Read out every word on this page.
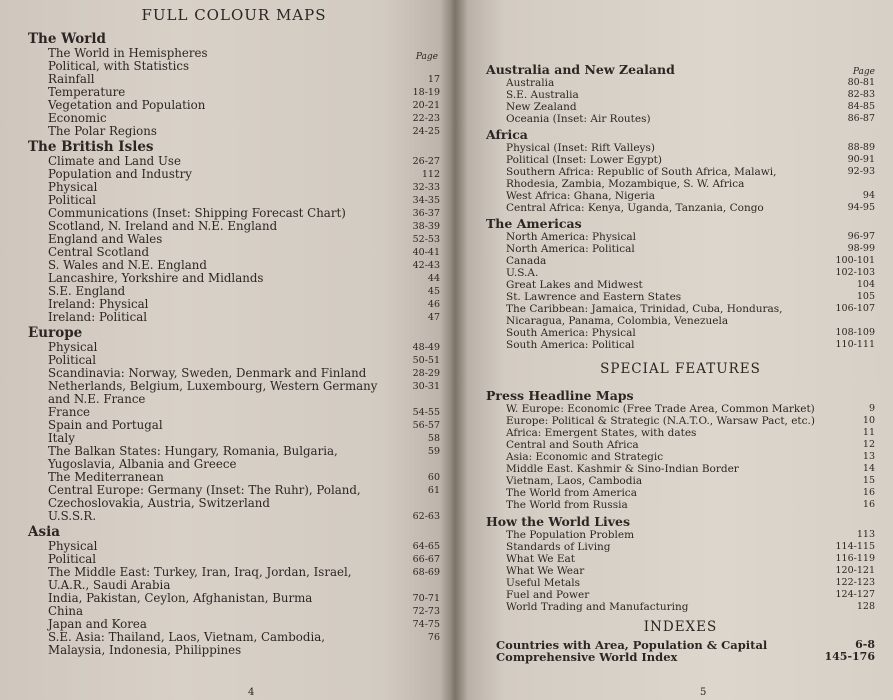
FULL COLOUR MAPS
The World
The World in Hemispheres
Political, with Statistics
Rainfall	17
Temperature	18-19
Vegetation and Population	20-21
Economic	22-23
The Polar Regions	24-25
The British Isles
Climate and Land Use	26-27
Population and Industry	112
Physical	32-33
Political	34-35
Communications (Inset: Shipping Forecast Chart)	36-37
Scotland, N. Ireland and N.E. England	38-39
England and Wales	52-53
Central Scotland	40-41
S. Wales and N.E. England	42-43
Lancashire, Yorkshire and Midlands	44
S.E. England	45
Ireland: Physical	46
Ireland: Political	47
Europe
Physical	48-49
Political	50-51
Scandinavia: Norway, Sweden, Denmark and Finland	28-29
Netherlands, Belgium, Luxembourg, Western Germany and N.E. France
30-31
France	54-55
Spain and Portugal	56-57
Italy	58
The Balkan States: Hungary, Romania, Bulgaria, Yugoslavia, Albania and Greece
59
The Mediterranean	60
Central Europe: Germany (Inset: The Ruhr), Poland, Czechoslovakia, Austria, Switzerland
61
U.S.S.R.	62-63
Asia
Physical	64-65
Political	66-67
The Middle East: Turkey, Iran, Iraq, Jordan, Israel, U.A.R., Saudi Arabia
68-69
India, Pakistan, Ceylon, Afghanistan, Burma	70-71
China	72-73
Japan and Korea	74-75
S.E. Asia: Thailand, Laos, Vietnam, Cambodia, Malaysia, Indonesia, Philippines
76
4
Page
Australia and New Zealand	Page
Australia	80-81
S.E. Australia	82-83
New Zealand	84-85
Oceania (Inset: Air Routes)	86-87
Africa
Physical (Inset: Rift Valleys)	88-89
Political (Inset: Lower Egypt)	90-91
Southern Africa: Republic of South Africa, Malawi, Rhodesia, Zambia, Mozambique, S. W. Africa
92-93
West Africa: Ghana, Nigeria	94
Central Africa: Kenya, Uganda, Tanzania, Congo	94-95
The Americas
North America: Physical	96-97
North America: Political	98-99
Canada	100-101
U.S.A.	102-103
Great Lakes and Midwest	104
St. Lawrence and Eastern States	105
The Caribbean: Jamaica, Trinidad, Cuba, Honduras, Nicaragua, Panama, Colombia, Venezuela
106-107
South America: Physical	108-109
South America: Political	110-111
SPECIAL FEATURES
Press Headline Maps
W. Europe: Economic (Free Trade Area, Common Market)	9
Europe: Political & Strategic (N.A.T.O., Warsaw Pact, etc.)	10
Africa: Emergent States, with dates	11
Central and South Africa	12
Asia: Economic and Strategic	13
Middle East. Kashmir & Sino-Indian Border	14
Vietnam, Laos, Cambodia	15
The World from America	16
The World from Russia	16
How the World Lives
The Population Problem	113
Standards of Living	114-115
What We Eat	116-119
What We Wear	120-121
Useful Metals	122-123
Fuel and Power	124-127
World Trading and Manufacturing	128
INDEXES
Countries with Area, Population & Capital	6-8
Comprehensive World Index	145-176
5
